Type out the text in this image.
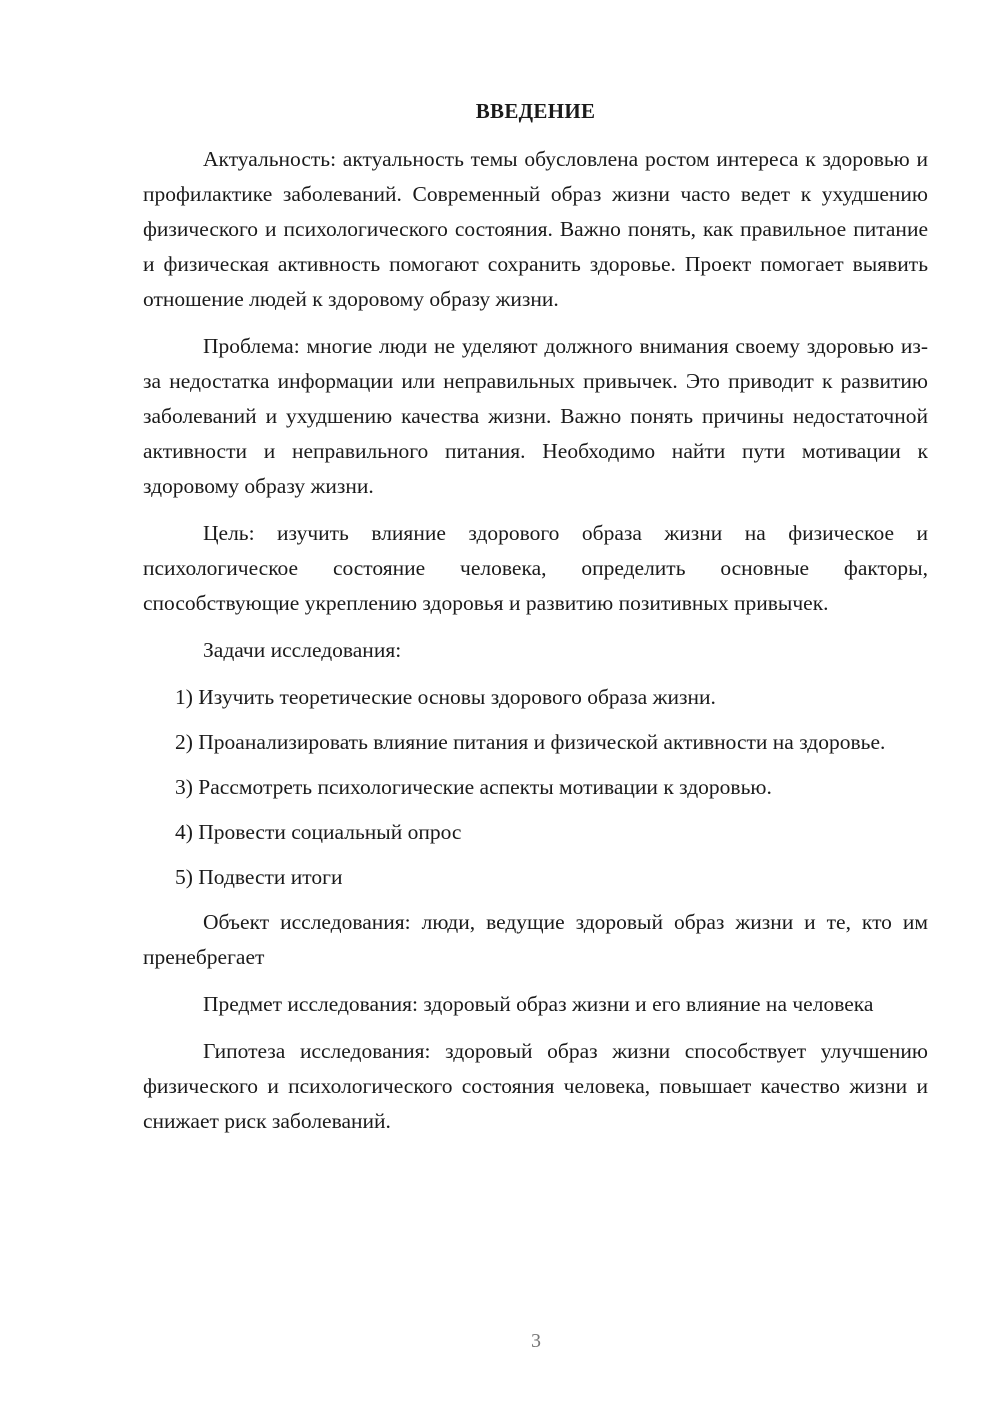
ВВЕДЕНИЕ

Актуальность: актуальность темы обусловлена ростом интереса к здоровью и профилактике заболеваний. Современный образ жизни часто ведет к ухудшению физического и психологического состояния. Важно понять, как правильное питание и физическая активность помогают сохранить здоровье. Проект помогает выявить отношение людей к здоровому образу жизни.

Проблема: многие люди не уделяют должного внимания своему здоровью из-за недостатка информации или неправильных привычек. Это приводит к развитию заболеваний и ухудшению качества жизни. Важно понять причины недостаточной активности и неправильного питания. Необходимо найти пути мотивации к здоровому образу жизни.

Цель: изучить влияние здорового образа жизни на физическое и психологическое состояние человека, определить основные факторы, способствующие укреплению здоровья и развитию позитивных привычек.

Задачи исследования:

1) Изучить теоретические основы здорового образа жизни.

2) Проанализировать влияние питания и физической активности на здоровье.

3) Рассмотреть психологические аспекты мотивации к здоровью.

4) Провести социальный опрос

5) Подвести итоги

Объект исследования: люди, ведущие здоровый образ жизни и те, кто им пренебрегает

Предмет исследования: здоровый образ жизни и его влияние на человека

Гипотеза исследования: здоровый образ жизни способствует улучшению физического и психологического состояния человека, повышает качество жизни и снижает риск заболеваний.

3
